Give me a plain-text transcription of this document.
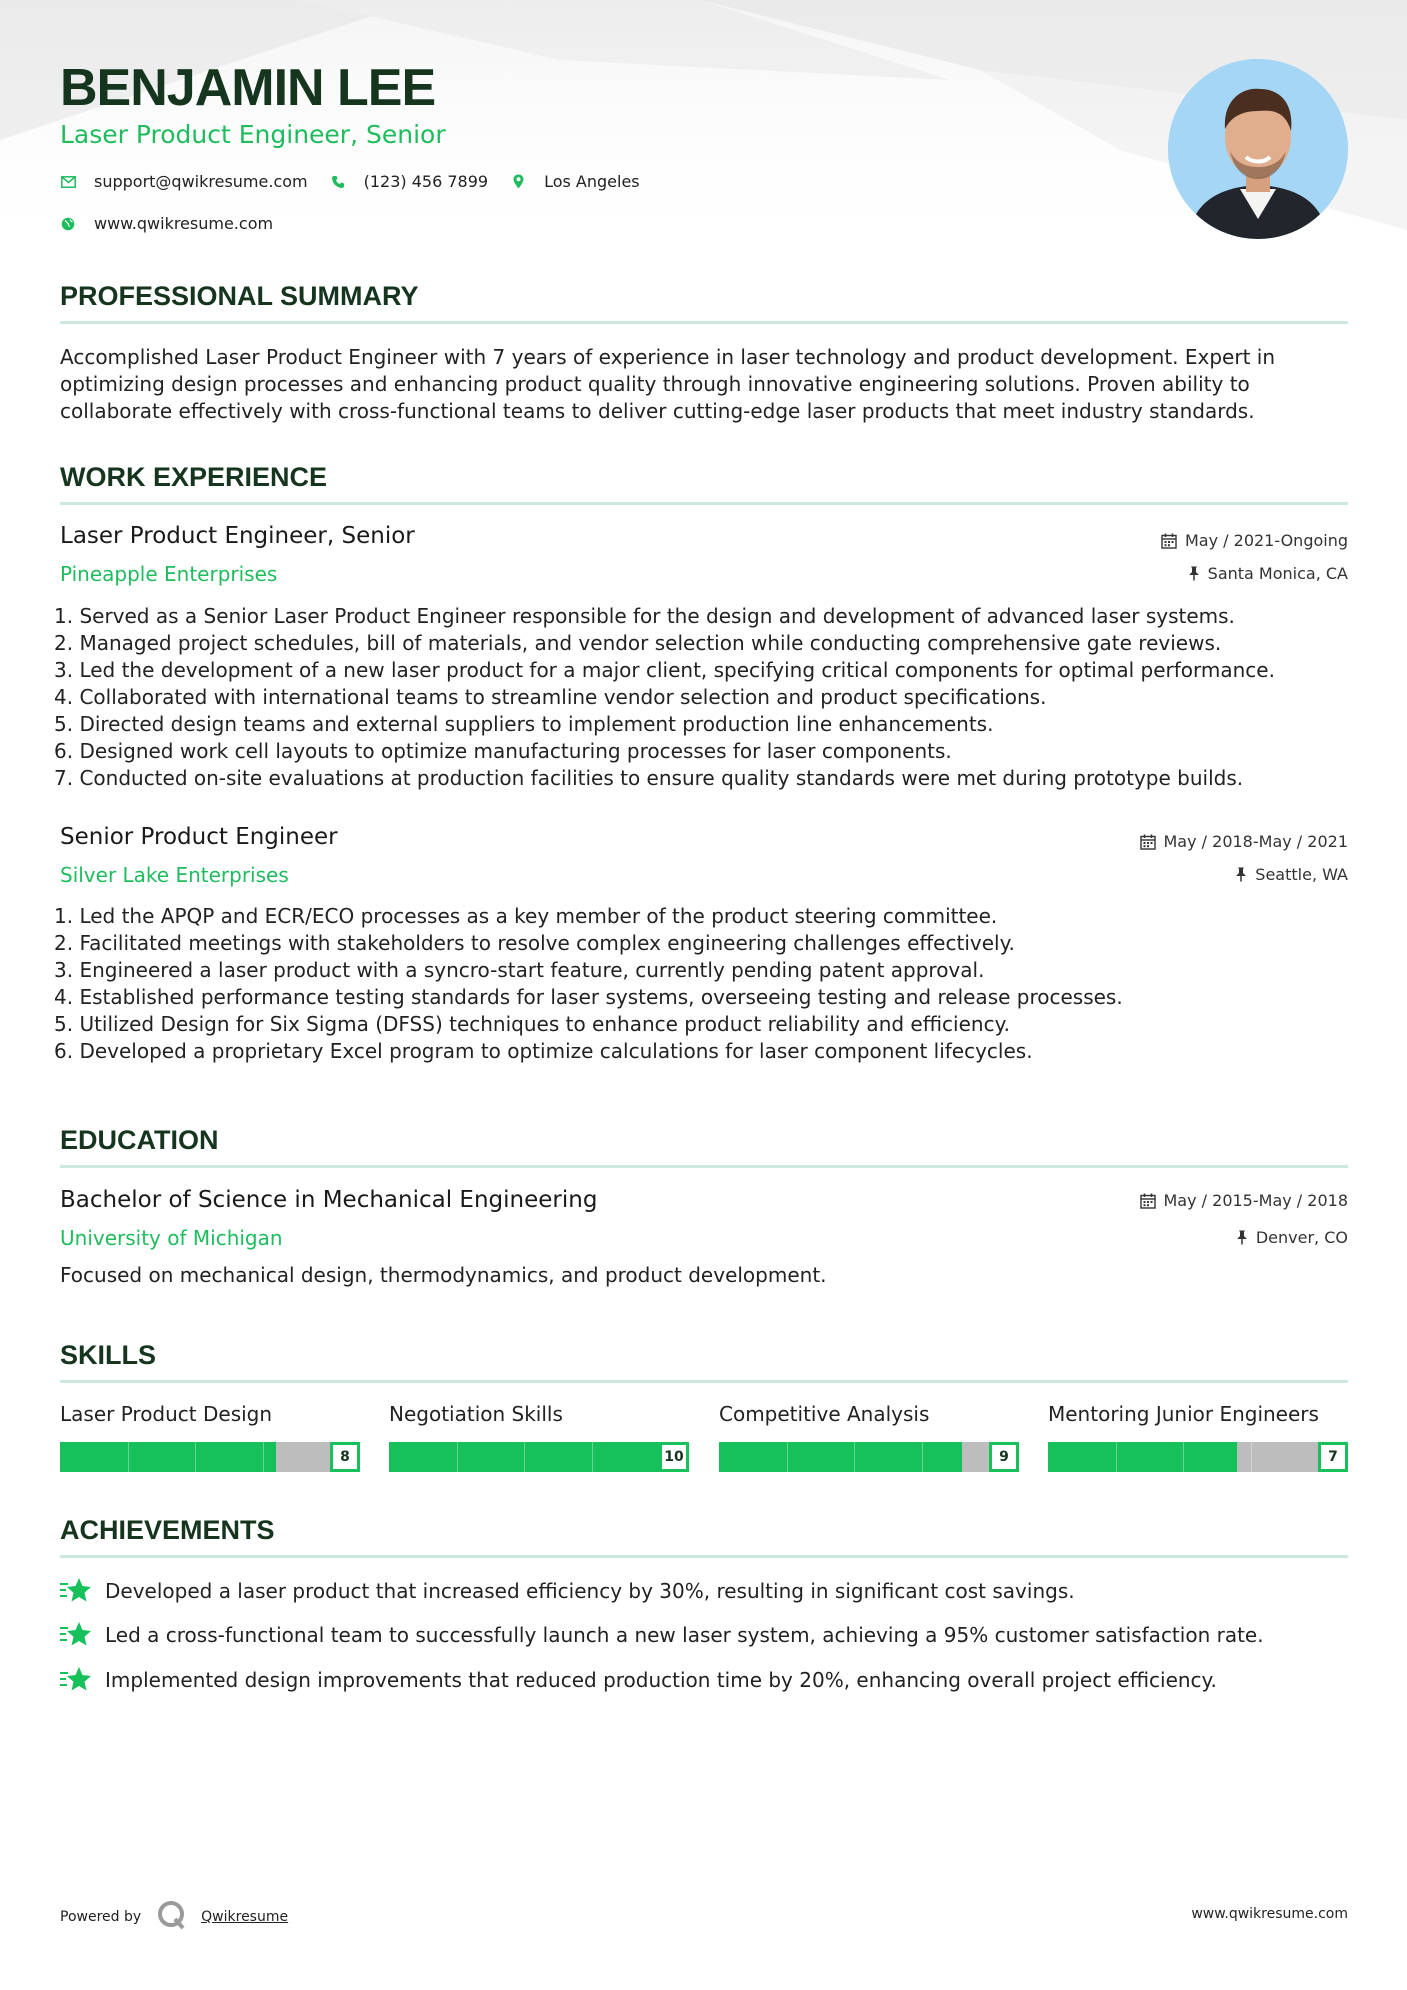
BENJAMIN LEE
Laser Product Engineer, Senior
support@qwikresume.com	(123) 456 7899	Los Angeles
www.qwikresume.com
PROFESSIONAL SUMMARY
Accomplished Laser Product Engineer with 7 years of experience in laser technology and product development. Expert in optimizing design processes and enhancing product quality through innovative engineering solutions. Proven ability to collaborate effectively with cross-functional teams to deliver cutting-edge laser products that meet industry standards.
WORK EXPERIENCE
Laser Product Engineer, Senior	May / 2021-Ongoing
Pineapple Enterprises	Santa Monica, CA
1. Served as a Senior Laser Product Engineer responsible for the design and development of advanced laser systems.
2. Managed project schedules, bill of materials, and vendor selection while conducting comprehensive gate reviews.
3. Led the development of a new laser product for a major client, specifying critical components for optimal performance.
4. Collaborated with international teams to streamline vendor selection and product specifications.
5. Directed design teams and external suppliers to implement production line enhancements.
6. Designed work cell layouts to optimize manufacturing processes for laser components.
7. Conducted on-site evaluations at production facilities to ensure quality standards were met during prototype builds.
Senior Product Engineer	May / 2018-May / 2021
Silver Lake Enterprises	Seattle, WA
1. Led the APQP and ECR/ECO processes as a key member of the product steering committee.
2. Facilitated meetings with stakeholders to resolve complex engineering challenges effectively.
3. Engineered a laser product with a syncro-start feature, currently pending patent approval.
4. Established performance testing standards for laser systems, overseeing testing and release processes.
5. Utilized Design for Six Sigma (DFSS) techniques to enhance product reliability and efficiency.
6. Developed a proprietary Excel program to optimize calculations for laser component lifecycles.
EDUCATION
Bachelor of Science in Mechanical Engineering	May / 2015-May / 2018
University of Michigan	Denver, CO
Focused on mechanical design, thermodynamics, and product development.
SKILLS
Laser Product Design
8
Negotiation Skills
10
Competitive Analysis
9
Mentoring Junior Engineers
7
ACHIEVEMENTS
Developed a laser product that increased efficiency by 30%, resulting in significant cost savings.
Led a cross-functional team to successfully launch a new laser system, achieving a 95% customer satisfaction rate.
Implemented design improvements that reduced production time by 20%, enhancing overall project efficiency.
Powered by	Qwikresume	www.qwikresume.com
